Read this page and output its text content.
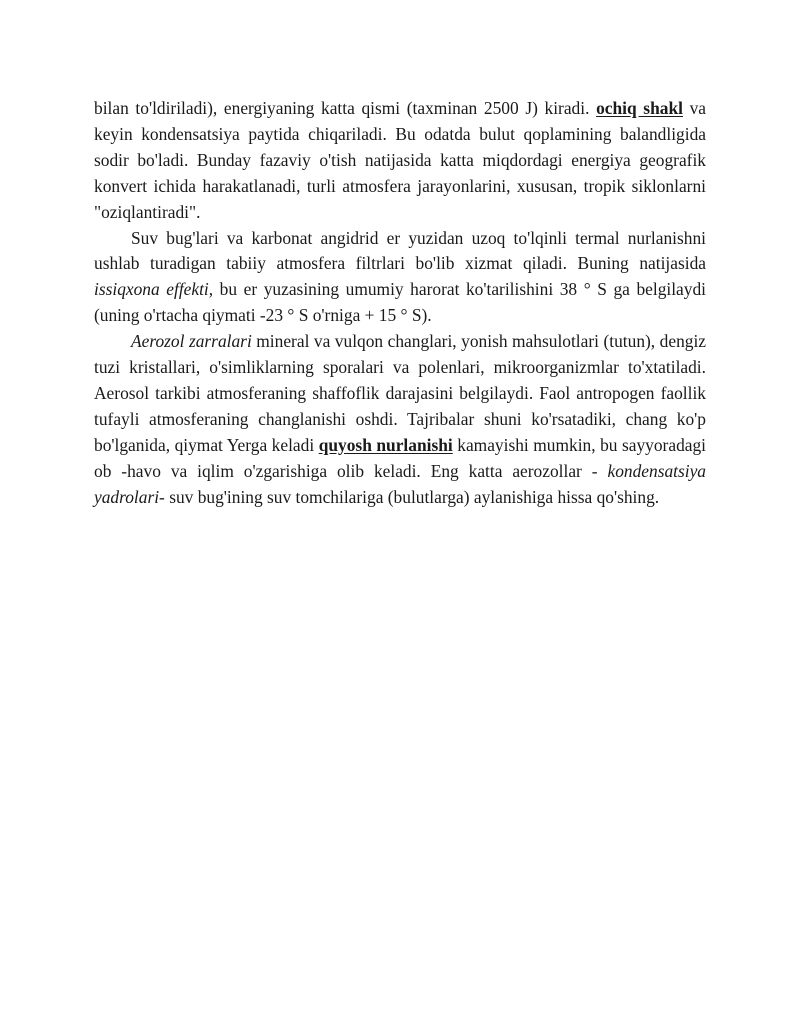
bilan to'ldiriladi), energiyaning katta qismi (taxminan 2500 J) kiradi. ochiq shakl va keyin kondensatsiya paytida chiqariladi. Bu odatda bulut qoplamining balandligida sodir bo'ladi. Bunday fazaviy o'tish natijasida katta miqdordagi energiya geografik konvert ichida harakatlanadi, turli atmosfera jarayonlarini, xususan, tropik siklonlarni "oziqlantiradi".

Suv bug'lari va karbonat angidrid er yuzidan uzoq to'lqinli termal nurlanishni ushlab turadigan tabiiy atmosfera filtrlari bo'lib xizmat qiladi. Buning natijasida issiqxona effekti, bu er yuzasining umumiy harorat ko'tarilishini 38 ° S ga belgilaydi (uning o'rtacha qiymati -23 ° S o'rniga + 15 ° S).

Aerozol zarralari mineral va vulqon changlari, yonish mahsulotlari (tutun), dengiz tuzi kristallari, o'simliklarning sporalari va polenlari, mikroorganizmlar to'xtatiladi. Aerosol tarkibi atmosferaning shaffoflik darajasini belgilaydi. Faol antropogen faollik tufayli atmosferaning changlanishi oshdi. Tajribalar shuni ko'rsatadiki, chang ko'p bo'lganida, qiymat Yerga keladi quyosh nurlanishi kamayishi mumkin, bu sayyoradagi ob -havo va iqlim o'zgarishiga olib keladi. Eng katta aerozollar - kondensatsiya yadrolari- suv bug'ining suv tomchilariga (bulutlarga) aylanishiga hissa qo'shing.
